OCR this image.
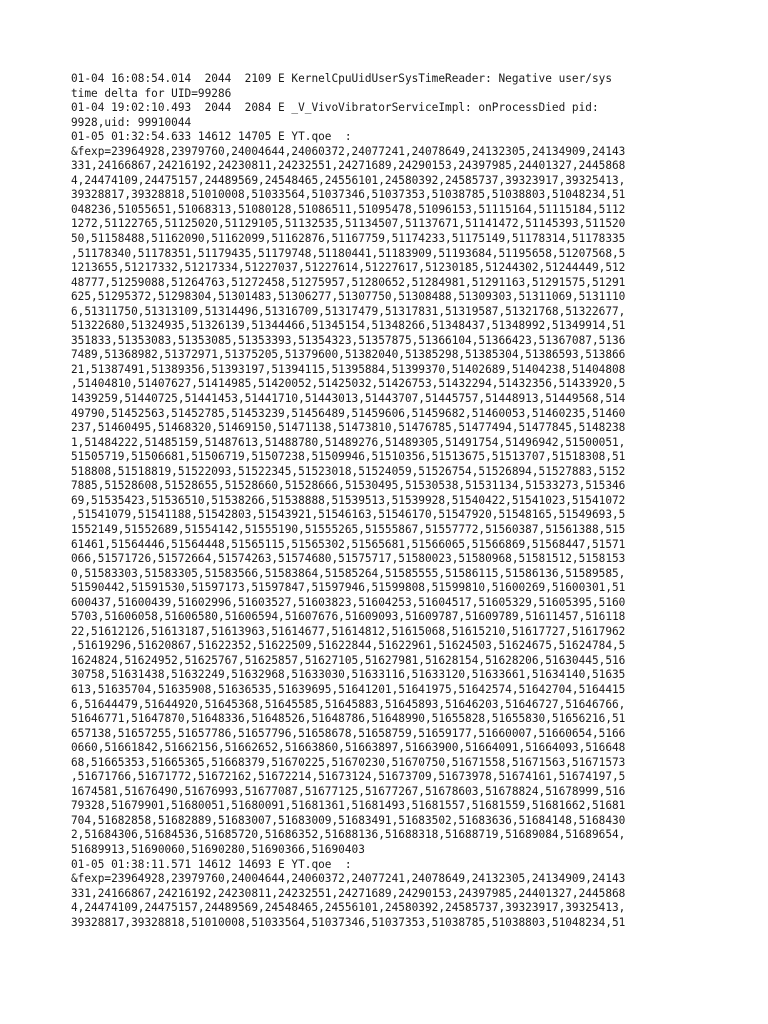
01-04 16:08:54.014  2044  2109 E KernelCpuUidUserSysTimeReader: Negative user/sys
time delta for UID=99286
01-04 19:02:10.493  2044  2084 E _V_VivoVibratorServiceImpl: onProcessDied pid:
9928,uid: 99910044
01-05 01:32:54.633 14612 14705 E YT.qoe  :
&fexp=23964928,23979760,24004644,24060372,24077241,24078649,24132305,24134909,24143
331,24166867,24216192,24230811,24232551,24271689,24290153,24397985,24401327,2445868
4,24474109,24475157,24489569,24548465,24556101,24580392,24585737,39323917,39325413,
39328817,39328818,51010008,51033564,51037346,51037353,51038785,51038803,51048234,51
048236,51055651,51068313,51080128,51086511,51095478,51096153,51115164,51115184,5112
1272,51122765,51125020,51129105,51132535,51134507,51137671,51141472,51145393,511520
50,51158488,51162090,51162099,51162876,51167759,51174233,51175149,51178314,51178335
,51178340,51178351,51179435,51179748,51180441,51183909,51193684,51195658,51207568,5
1213655,51217332,51217334,51227037,51227614,51227617,51230185,51244302,51244449,512
48777,51259088,51264763,51272458,51275957,51280652,51284981,51291163,51291575,51291
625,51295372,51298304,51301483,51306277,51307750,51308488,51309303,51311069,5131110
6,51311750,51313109,51314496,51316709,51317479,51317831,51319587,51321768,51322677,
51322680,51324935,51326139,51344466,51345154,51348266,51348437,51348992,51349914,51
351833,51353083,51353085,51353393,51354323,51357875,51366104,51366423,51367087,5136
7489,51368982,51372971,51375205,51379600,51382040,51385298,51385304,51386593,513866
21,51387491,51389356,51393197,51394115,51395884,51399370,51402689,51404238,51404808
,51404810,51407627,51414985,51420052,51425032,51426753,51432294,51432356,51433920,5
1439259,51440725,51441453,51441710,51443013,51443707,51445757,51448913,51449568,514
49790,51452563,51452785,51453239,51456489,51459606,51459682,51460053,51460235,51460
237,51460495,51468320,51469150,51471138,51473810,51476785,51477494,51477845,5148238
1,51484222,51485159,51487613,51488780,51489276,51489305,51491754,51496942,51500051,
51505719,51506681,51506719,51507238,51509946,51510356,51513675,51513707,51518308,51
518808,51518819,51522093,51522345,51523018,51524059,51526754,51526894,51527883,5152
7885,51528608,51528655,51528660,51528666,51530495,51530538,51531134,51533273,515346
69,51535423,51536510,51538266,51538888,51539513,51539928,51540422,51541023,51541072
,51541079,51541188,51542803,51543921,51546163,51546170,51547920,51548165,51549693,5
1552149,51552689,51554142,51555190,51555265,51555867,51557772,51560387,51561388,515
61461,51564446,51564448,51565115,51565302,51565681,51566065,51566869,51568447,51571
066,51571726,51572664,51574263,51574680,51575717,51580023,51580968,51581512,5158153
0,51583303,51583305,51583566,51583864,51585264,51585555,51586115,51586136,51589585,
51590442,51591530,51597173,51597847,51597946,51599808,51599810,51600269,51600301,51
600437,51600439,51602996,51603527,51603823,51604253,51604517,51605329,51605395,5160
5703,51606058,51606580,51606594,51607676,51609093,51609787,51609789,51611457,516118
22,51612126,51613187,51613963,51614677,51614812,51615068,51615210,51617727,51617962
,51619296,51620867,51622352,51622509,51622844,51622961,51624503,51624675,51624784,5
1624824,51624952,51625767,51625857,51627105,51627981,51628154,51628206,51630445,516
30758,51631438,51632249,51632968,51633030,51633116,51633120,51633661,51634140,51635
613,51635704,51635908,51636535,51639695,51641201,51641975,51642574,51642704,5164415
6,51644479,51644920,51645368,51645585,51645883,51645893,51646203,51646727,51646766,
51646771,51647870,51648336,51648526,51648786,51648990,51655828,51655830,51656216,51
657138,51657255,51657786,51657796,51658678,51658759,51659177,51660007,51660654,5166
0660,51661842,51662156,51662652,51663860,51663897,51663900,51664091,51664093,516648
68,51665353,51665365,51668379,51670225,51670230,51670750,51671558,51671563,51671573
,51671766,51671772,51672162,51672214,51673124,51673709,51673978,51674161,51674197,5
1674581,51676490,51676993,51677087,51677125,51677267,51678603,51678824,51678999,516
79328,51679901,51680051,51680091,51681361,51681493,51681557,51681559,51681662,51681
704,51682858,51682889,51683007,51683009,51683491,51683502,51683636,51684148,5168430
2,51684306,51684536,51685720,51686352,51688136,51688318,51688719,51689084,51689654,
51689913,51690060,51690280,51690366,51690403
01-05 01:38:11.571 14612 14693 E YT.qoe  :
&fexp=23964928,23979760,24004644,24060372,24077241,24078649,24132305,24134909,24143
331,24166867,24216192,24230811,24232551,24271689,24290153,24397985,24401327,2445868
4,24474109,24475157,24489569,24548465,24556101,24580392,24585737,39323917,39325413,
39328817,39328818,51010008,51033564,51037346,51037353,51038785,51038803,51048234,51
